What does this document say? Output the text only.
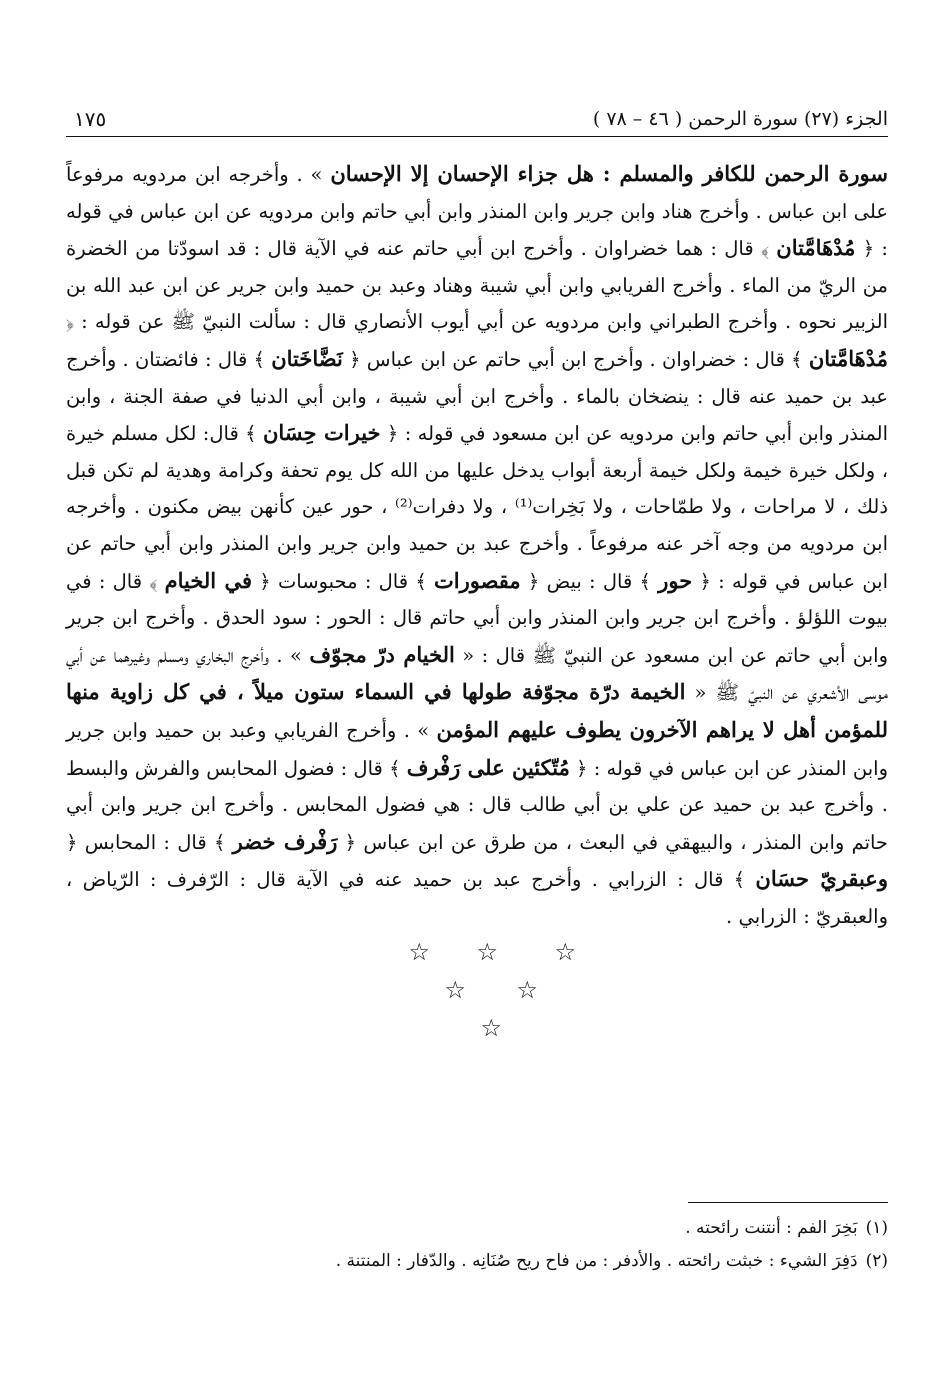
الجزء (٢٧) سورة الرحمن ( ٤٦ – ٧٨ )
١٧٥

سورة الرحمن للكافر والمسلم : هل جزاء الإحسان إلا الإحسان » . وأخرجه ابن مردويه مرفوعاً على ابن عباس . وأخرج هناد وابن جرير وابن المنذر وابن أبي حاتم وابن مردويه عن ابن عباس في قوله : ﴿ مُدْهَامَّتان ﴾ قال : هما خضراوان . وأخرج ابن أبي حاتم عنه في الآية قال : قد اسودّتا من الخضرة من الريّ من الماء . وأخرج الفريابي وابن أبي شيبة وهناد وعبد بن حميد وابن جرير عن ابن عبد الله بن الزبير نحوه . وأخرج الطبراني وابن مردويه عن أبي أيوب الأنصاري قال : سألت النبيّ ﷺ عن قوله : ﴿ مُدْهَامَّتان ﴾ قال : خضراوان . وأخرج ابن أبي حاتم عن ابن عباس ﴿ نَضَّاخَتان ﴾ قال : فائضتان . وأخرج عبد بن حميد عنه قال : ينضخان بالماء . وأخرج ابن أبي شيبة ، وابن أبي الدنيا في صفة الجنة ، وابن المنذر وابن أبي حاتم وابن مردويه عن ابن مسعود في قوله : ﴿ خيرات حِسَان ﴾ قال: لكل مسلم خيرة ، ولكل خيرة خيمة ولكل خيمة أربعة أبواب يدخل عليها من الله كل يوم تحفة وكرامة وهدية لم تكن قبل ذلك ، لا مراحات ، ولا طمّاحات ، ولا بَخِرات⁽¹⁾ ، ولا دفرات⁽²⁾ ، حور عين كأنهن بيض مكنون . وأخرجه ابن مردويه من وجه آخر عنه مرفوعاً . وأخرج عبد بن حميد وابن جرير وابن المنذر وابن أبي حاتم عن ابن عباس في قوله : ﴿ حور ﴾ قال : بيض ﴿ مقصورات ﴾ قال : محبوسات ﴿ في الخيام ﴾ قال : في بيوت اللؤلؤ . وأخرج ابن جرير وابن المنذر وابن أبي حاتم قال : الحور : سود الحدق . وأخرج ابن جرير وابن أبي حاتم عن ابن مسعود عن النبيّ ﷺ قال : « الخيام درّ مجوّف » . وأخرج البخاري ومسلم وغيرهما عن أبي موسى الأشعري عن النبيّ ﷺ « الخيمة درّة مجوّفة طولها في السماء ستون ميلاً ، في كل زاوية منها للمؤمن أهل لا يراهم الآخرون يطوف عليهم المؤمن » . وأخرج الفريابي وعبد بن حميد وابن جرير وابن المنذر عن ابن عباس في قوله : ﴿ مُتّكئين على رَفْرف ﴾ قال : فضول المحابس والفرش والبسط . وأخرج عبد بن حميد عن علي بن أبي طالب قال : هي فضول المحابس . وأخرج ابن جرير وابن أبي حاتم وابن المنذر ، والبيهقي في البعث ، من طرق عن ابن عباس ﴿ رَفْرف خضر ﴾ قال : المحابس ﴿ وعبقريّ حسَان ﴾ قال : الزرابي . وأخرج عبد بن حميد عنه في الآية قال : الرّفرف : الرّياض ، والعبقريّ : الزرابي .

☆
☆
☆
☆
☆
☆
(١)بَخِرَ الفم : أنتنت رائحته .
(٢)دَفِرَ الشيء : خبثت رائحته . والأدفر : من فاح ريح صُنَانِه . والدّفار : المنتنة .
